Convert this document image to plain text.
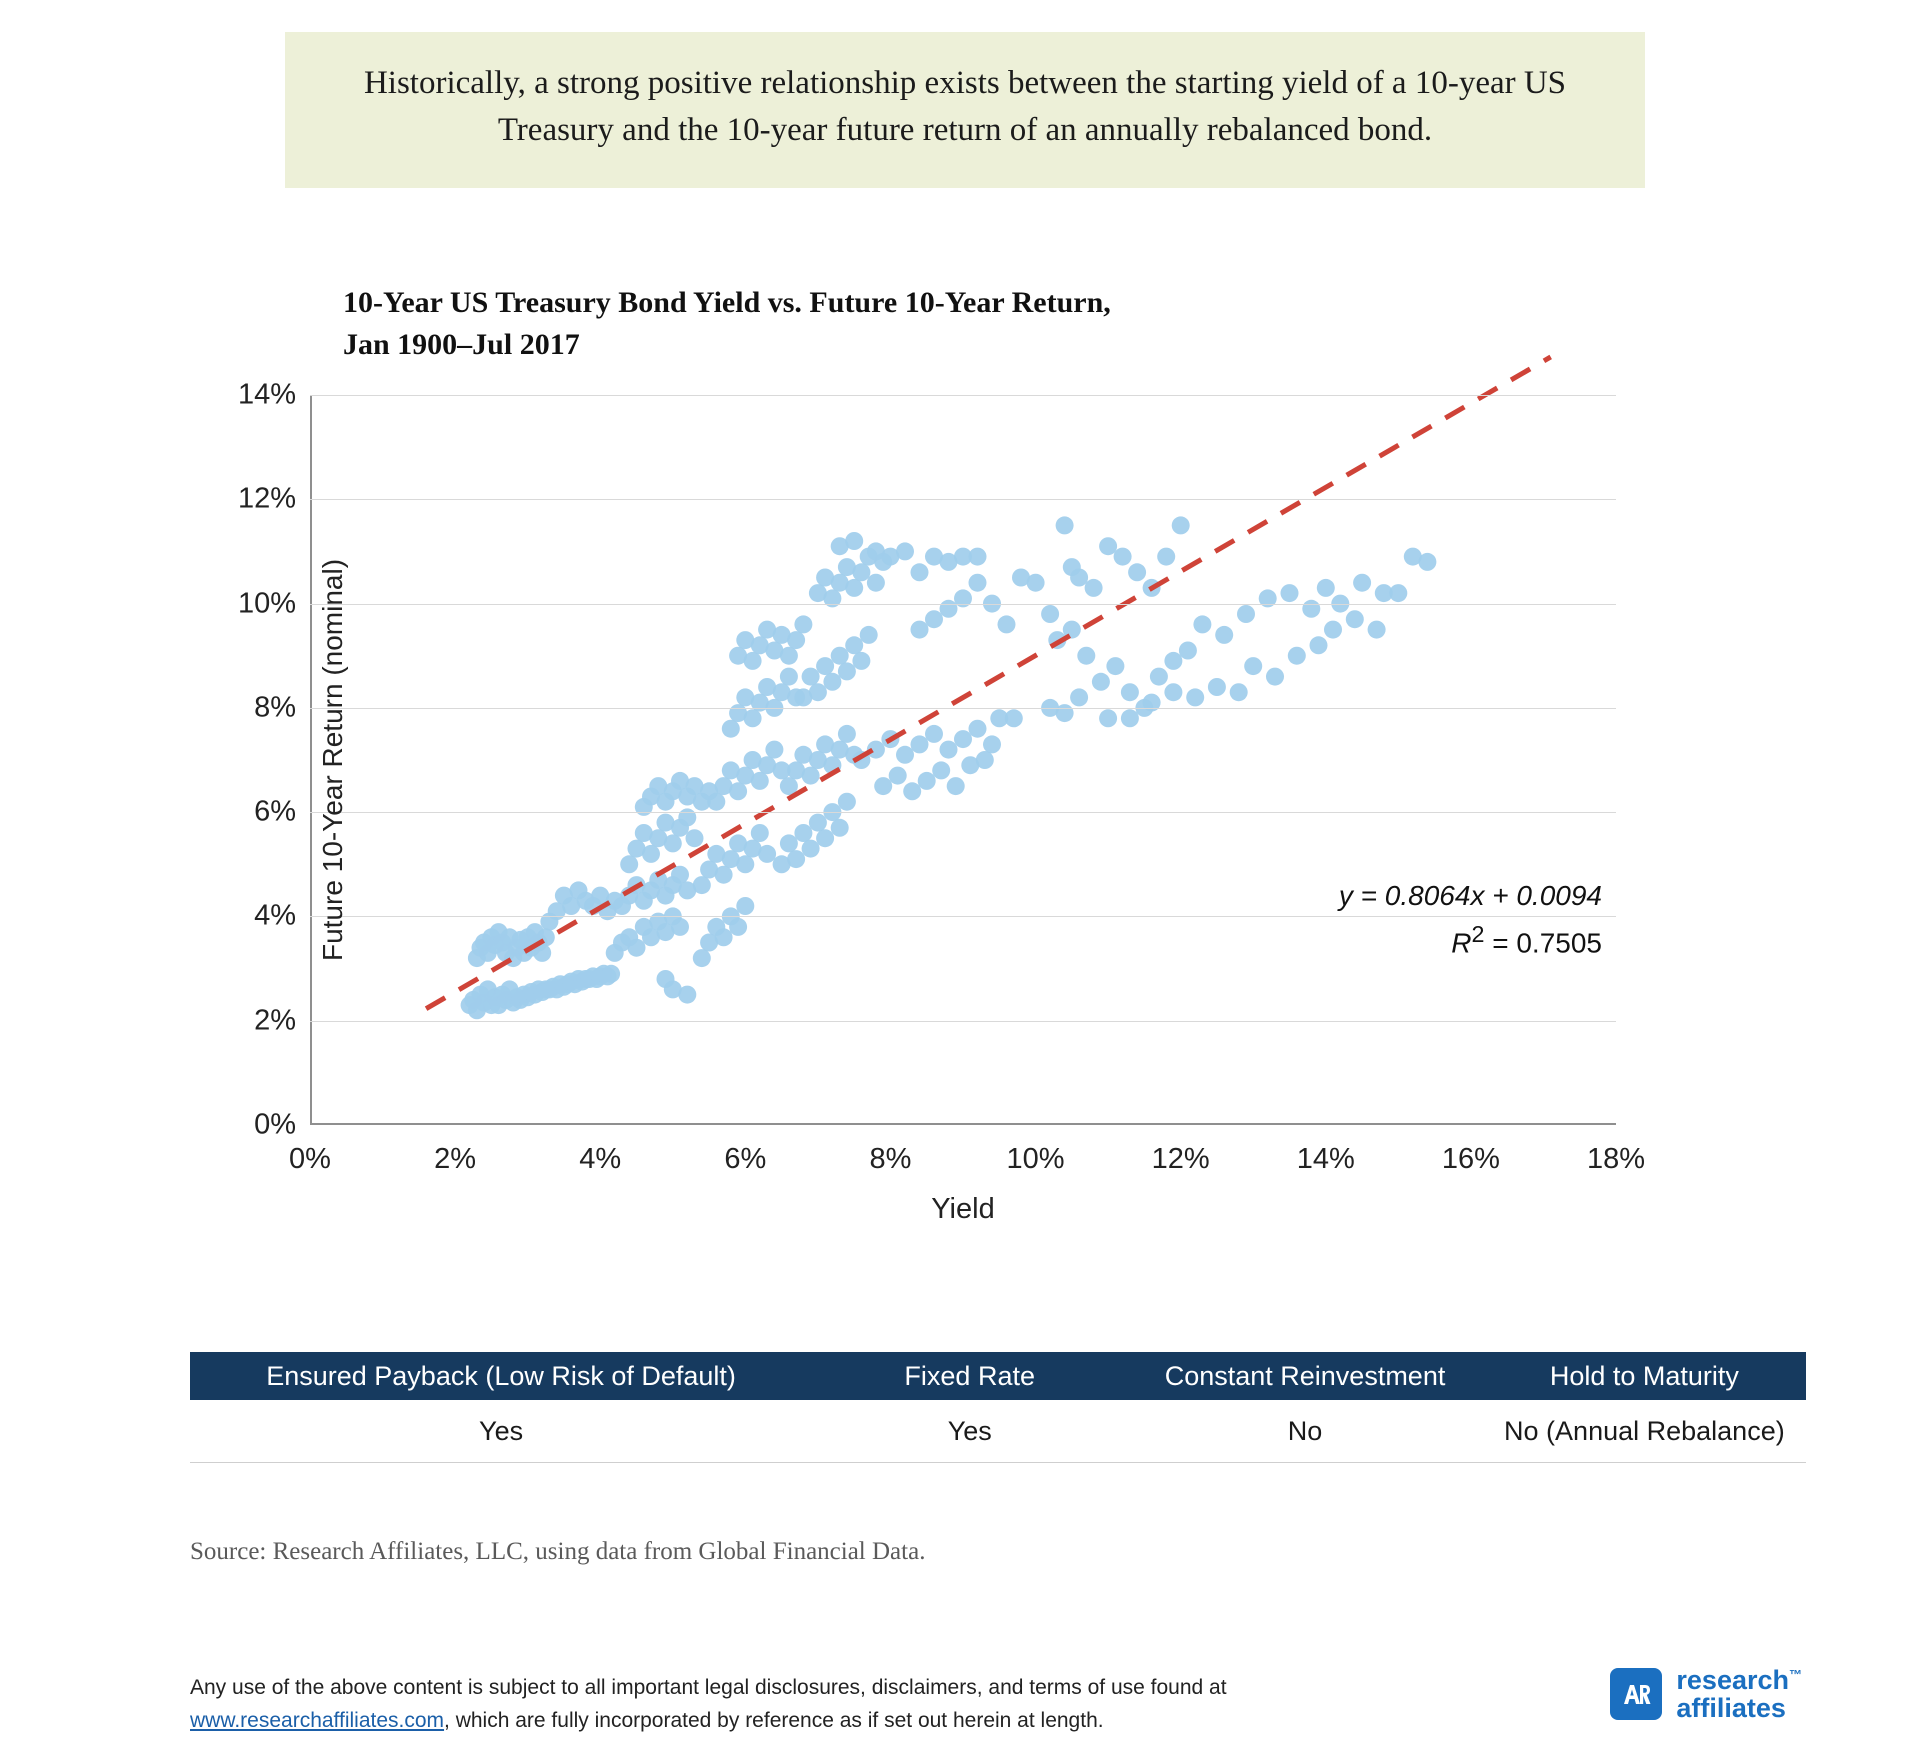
Historically, a strong positive relationship exists between the starting yield of a 10-year US Treasury and the 10-year future return of an annually rebalanced bond.
10-Year US Treasury Bond Yield vs. Future 10-Year Return,
Jan 1900–Jul 2017
0%
2%
4%
6%
8%
10%
12%
14%
0%	2%	4%	6%	8%	10%	12%	14%	16%	18%
Future 10-Year Return (nominal)
Yield
y = 0.8064x + 0.0094
$R^2 = 0.7505$
Ensured Payback (Low Risk of Default)	Fixed Rate	Constant Reinvestment	Hold to Maturity
Yes	Yes	No	No (Annual Rebalance)
Source: Research Affiliates, LLC, using data from Global Financial Data.
Any use of the above content is subject to all important legal disclosures, disclaimers, and terms of use found at www.researchaffiliates.com, which are fully incorporated by reference as if set out herein at length.
research™
affiliates
